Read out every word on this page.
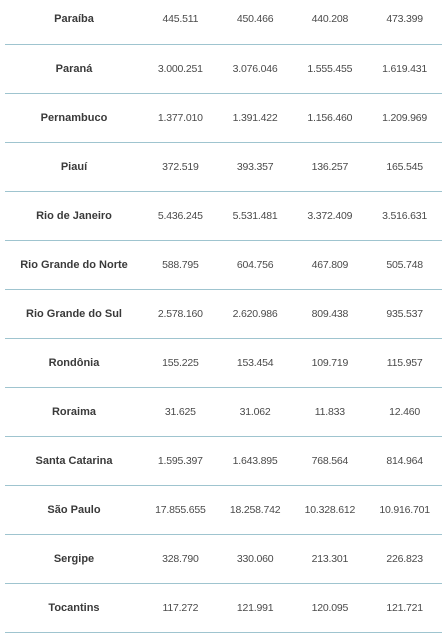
Paraíba	445.511	450.466	440.208	473.399
Paraná	3.000.251	3.076.046	1.555.455	1.619.431
Pernambuco	1.377.010	1.391.422	1.156.460	1.209.969
Piauí	372.519	393.357	136.257	165.545
Rio de Janeiro	5.436.245	5.531.481	3.372.409	3.516.631
Rio Grande do Norte	588.795	604.756	467.809	505.748
Rio Grande do Sul	2.578.160	2.620.986	809.438	935.537
Rondônia	155.225	153.454	109.719	115.957
Roraima	31.625	31.062	11.833	12.460
Santa Catarina	1.595.397	1.643.895	768.564	814.964
São Paulo	17.855.655	18.258.742	10.328.612	10.916.701
Sergipe	328.790	330.060	213.301	226.823
Tocantins	117.272	121.991	120.095	121.721
